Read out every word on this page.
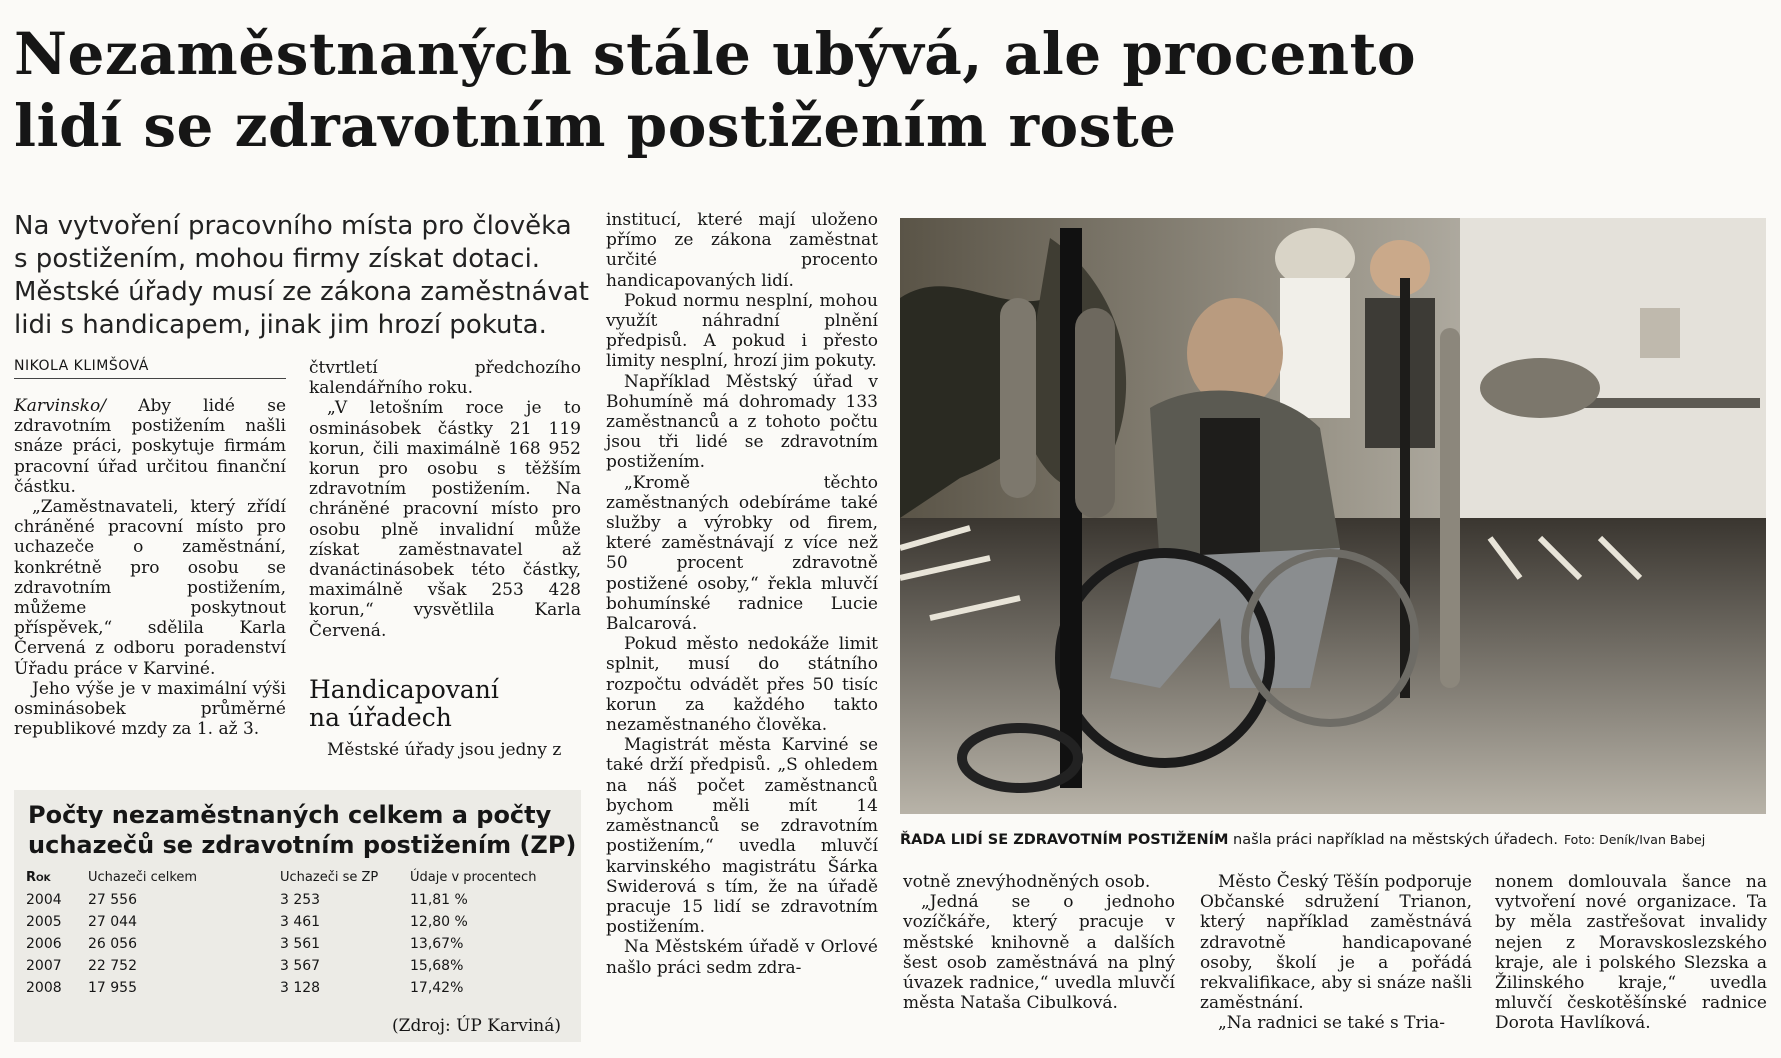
Nezaměstnaných stále ubývá, ale procento
lidí se zdravotním postižením roste
Na vytvoření pracovního místa pro člověka
s postižením, mohou firmy získat dotaci.
Městské úřady musí ze zákona zaměstnávat
lidi s handicapem, jinak jim hrozí pokuta.
NIKOLA KLIMŠOVÁ

Karvinsko/ Aby lidé se zdravotním postižením našli snáze práci, poskytuje firmám pracovní úřad určitou finanční částku.

„Zaměstnavateli, který zřídí chráněné pracovní místo pro uchazeče o zaměstnání, konkrétně pro osobu se zdravotním postižením, můžeme poskytnout příspěvek,“ sdělila Karla Červená z odboru poradenství Úřadu práce v Karviné.

Jeho výše je v maximální výši osminásobek průměrné republikové mzdy za 1. až 3.

čtvrtletí předchozího kalendářního roku.

„V letošním roce je to osminásobek částky 21 119 korun, čili maximálně 168 952 korun pro osobu s těžším zdravotním postižením. Na chráněné pracovní místo pro osobu plně invalidní může získat zaměstnavatel až dvanáctinásobek této částky, maximálně však 253 428 korun,“ vysvětlila Karla Červená.

Handicapovaní
na úřadech

Městské úřady jsou jedny z

institucí, které mají uloženo přímo ze zákona zaměstnat určité procento handicapovaných lidí.

Pokud normu nesplní, mohou využít náhradní plnění předpisů. A pokud i přesto limity nesplní, hrozí jim pokuty.

Například Městský úřad v Bohumíně má dohromady 133 zaměstnanců a z tohoto počtu jsou tři lidé se zdravotním postižením.

„Kromě těchto zaměstnaných odebíráme také služby a výrobky od firem, které zaměstnávají z více než 50 procent zdravotně postižené osoby,“ řekla mluvčí bohumínské radnice Lucie Balcarová.

Pokud město nedokáže limit splnit, musí do státního rozpočtu odvádět přes 50 tisíc korun za každého takto nezaměstnaného člověka.

Magistrát města Karviné se také drží předpisů. „S ohledem na náš počet zaměstnanců bychom měli mít 14 zaměstnanců se zdravotním postižením,“ uvedla mluvčí karvinského magistrátu Šárka Swiderová s tím, že na úřadě pracuje 15 lidí se zdravotním postižením.

Na Městském úřadě v Orlové našlo práci sedm zdra-

ŘADA LIDÍ SE ZDRAVOTNÍM POSTIŽENÍM našla práci například na městských úřadech. Foto: Deník/Ivan Babej

votně znevýhodněných osob.

„Jedná se o jednoho vozíčkáře, který pracuje v městské knihovně a dalších šest osob zaměstnává na plný úvazek radnice,“ uvedla mluvčí města Nataša Cibulková.

Město Český Těšín podporuje Občanské sdružení Trianon, který například zaměstnává zdravotně handicapované osoby, školí je a pořádá rekvalifikace, aby si snáze našli zaměstnání.

„Na radnici se také s Tria-

nonem domlouvala šance na vytvoření nové organizace. Ta by měla zastřešovat invalidy nejen z Moravskoslezského kraje, ale i polského Slezska a Žilinského kraje,“ uvedla mluvčí českotěšínské radnice Dorota Havlíková.

Počty nezaměstnaných celkem a počty
uchazečů se zdravotním postižením (ZP)
Rok	Uchazeči celkem	Uchazeči se ZP	Údaje v procentech
2004	27 556	3 253	11,81 %
2005	27 044	3 461	12,80 %
2006	26 056	3 561	13,67%
2007	22 752	3 567	15,68%
2008	17 955	3 128	17,42%
(Zdroj: ÚP Karviná)
